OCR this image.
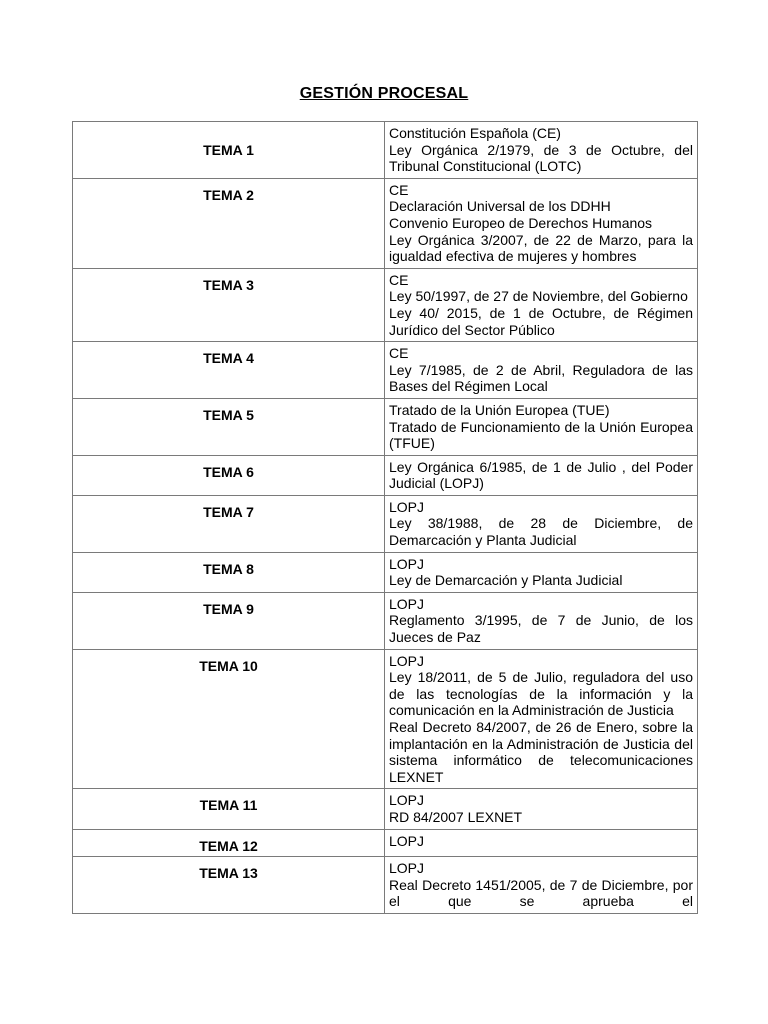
GESTIÓN PROCESAL
TEMA 1	Constitución Española (CE)
Ley Orgánica 2/1979, de 3 de Octubre, del Tribunal Constitucional (LOTC)

TEMA 2	CE
Declaración Universal de los DDHH
Convenio Europeo de Derechos Humanos
Ley Orgánica 3/2007, de 22 de Marzo, para la igualdad efectiva de mujeres y hombres

TEMA 3	CE
Ley 50/1997, de 27 de Noviembre, del Gobierno
Ley 40/ 2015, de 1 de Octubre, de Régimen Jurídico del Sector Público

TEMA 4	CE
Ley 7/1985, de 2 de Abril, Reguladora de las Bases del Régimen Local

TEMA 5	Tratado de la Unión Europea (TUE)
Tratado de Funcionamiento de la Unión Europea (TFUE)

TEMA 6	Ley Orgánica 6/1985, de 1 de Julio , del Poder Judicial (LOPJ)

TEMA 7	LOPJ
Ley 38/1988, de 28 de Diciembre, de Demarcación y Planta Judicial

TEMA 8	LOPJ
Ley de Demarcación y Planta Judicial

TEMA 9	LOPJ
Reglamento 3/1995, de 7 de Junio, de los Jueces de Paz

TEMA 10	LOPJ
Ley 18/2011, de 5 de Julio, reguladora del uso de las tecnologías de la información y la comunicación en la Administración de Justicia
Real Decreto 84/2007, de 26 de Enero, sobre la implantación en la Administración de Justicia del sistema informático de telecomunicaciones LEXNET

TEMA 11	LOPJ
RD 84/2007 LEXNET

TEMA 12	LOPJ

TEMA 13	LOPJ
Real Decreto 1451/2005, de 7 de Diciembre, por el que se aprueba el
